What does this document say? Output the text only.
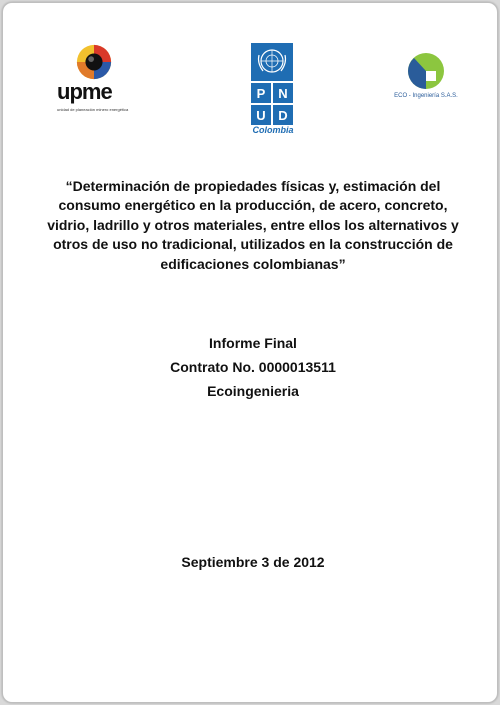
upme
unidad de planeación minero energética
P N
U D
Colombia
ECO - Ingeniería S.A.S.

“Determinación de propiedades físicas y, estimación del consumo energético en la producción, de acero, concreto, vidrio, ladrillo y otros materiales, entre ellos los alternativos y otros de uso no tradicional, utilizados en la construcción de edificaciones colombianas”

Informe Final
Contrato No. 0000013511
Ecoingenieria
Septiembre 3 de 2012
